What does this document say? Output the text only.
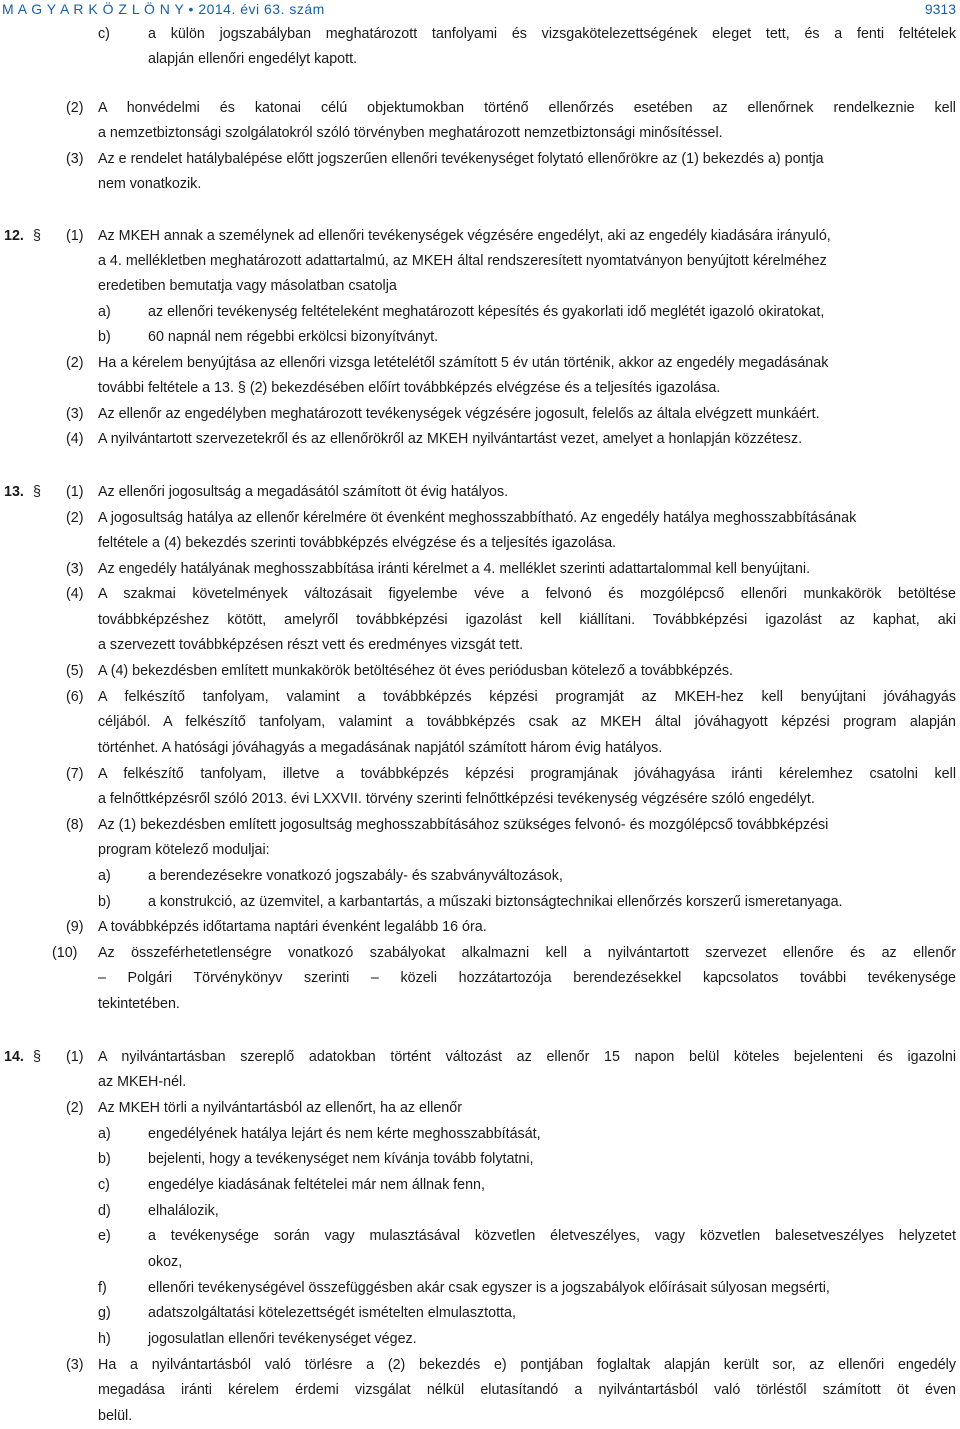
M A G Y A R K Ö Z L Ö N Y • 2014. évi 63. szám	9313
c)	a külön jogszabályban meghatározott tanfolyami és vizsgakötelezettségének eleget tett, és a fenti feltételek
alapján ellenőri engedélyt kapott.
(2) A honvédelmi és katonai célú objektumokban történő ellenőrzés esetében az ellenőrnek rendelkeznie kell
a nemzetbiztonsági szolgálatokról szóló törvényben meghatározott nemzetbiztonsági minősítéssel.
(3) Az e rendelet hatálybalépése előtt jogszerűen ellenőri tevékenységet folytató ellenőrökre az (1) bekezdés a) pontja
nem vonatkozik.
12. § (1) Az MKEH annak a személynek ad ellenőri tevékenységek végzésére engedélyt, aki az engedély kiadására irányuló,
a 4. mellékletben meghatározott adattartalmú, az MKEH által rendszeresített nyomtatványon benyújtott kérelméhez
eredetiben bemutatja vagy másolatban csatolja
a)	az ellenőri tevékenység feltételeként meghatározott képesítés és gyakorlati idő meglétét igazoló okiratokat,
b)	60 napnál nem régebbi erkölcsi bizonyítványt.
(2) Ha a kérelem benyújtása az ellenőri vizsga letételétől számított 5 év után történik, akkor az engedély megadásának
további feltétele a 13. § (2) bekezdésében előírt továbbképzés elvégzése és a teljesítés igazolása.
(3) Az ellenőr az engedélyben meghatározott tevékenységek végzésére jogosult, felelős az általa elvégzett munkáért.
(4) A nyilvántartott szervezetekről és az ellenőrökről az MKEH nyilvántartást vezet, amelyet a honlapján közzétesz.
13. § (1) Az ellenőri jogosultság a megadásától számított öt évig hatályos.
(2) A jogosultság hatálya az ellenőr kérelmére öt évenként meghosszabbítható. Az engedély hatálya meghosszabbításának
feltétele a (4) bekezdés szerinti továbbképzés elvégzése és a teljesítés igazolása.
(3) Az engedély hatályának meghosszabbítása iránti kérelmet a 4. melléklet szerinti adattartalommal kell benyújtani.
(4) A szakmai követelmények változásait figyelembe véve a felvonó és mozgólépcső ellenőri munkakörök betöltése
továbbképzéshez kötött, amelyről továbbképzési igazolást kell kiállítani. Továbbképzési igazolást az kaphat, aki
a szervezett továbbképzésen részt vett és eredményes vizsgát tett.
(5) A (4) bekezdésben említett munkakörök betöltéséhez öt éves periódusban kötelező a továbbképzés.
(6) A felkészítő tanfolyam, valamint a továbbképzés képzési programját az MKEH-hez kell benyújtani jóváhagyás
céljából. A felkészítő tanfolyam, valamint a továbbképzés csak az MKEH által jóváhagyott képzési program alapján
történhet. A hatósági jóváhagyás a megadásának napjától számított három évig hatályos.
(7) A felkészítő tanfolyam, illetve a továbbképzés képzési programjának jóváhagyása iránti kérelemhez csatolni kell
a felnőttképzésről szóló 2013. évi LXXVII. törvény szerinti felnőttképzési tevékenység végzésére szóló engedélyt.
(8) Az (1) bekezdésben említett jogosultság meghosszabbításához szükséges felvonó- és mozgólépcső továbbképzési
program kötelező moduljai:
a)	a berendezésekre vonatkozó jogszabály- és szabványváltozások,
b)	a konstrukció, az üzemvitel, a karbantartás, a műszaki biztonságtechnikai ellenőrzés korszerű ismeretanyaga.
(9) A továbbképzés időtartama naptári évenként legalább 16 óra.
(10) Az összeférhetetlenségre vonatkozó szabályokat alkalmazni kell a nyilvántartott szervezet ellenőre és az ellenőr
– Polgári Törvénykönyv szerinti – közeli hozzátartozója berendezésekkel kapcsolatos további tevékenysége
tekintetében.
14. § (1) A nyilvántartásban szereplő adatokban történt változást az ellenőr 15 napon belül köteles bejelenteni és igazolni
az MKEH-nél.
(2) Az MKEH törli a nyilvántartásból az ellenőrt, ha az ellenőr
a)	engedélyének hatálya lejárt és nem kérte meghosszabbítását,
b)	bejelenti, hogy a tevékenységet nem kívánja tovább folytatni,
c)	engedélye kiadásának feltételei már nem állnak fenn,
d)	elhalálozik,
e)	a tevékenysége során vagy mulasztásával közvetlen életveszélyes, vagy közvetlen balesetveszélyes helyzetet
okoz,
f)	ellenőri tevékenységével összefüggésben akár csak egyszer is a jogszabályok előírásait súlyosan megsérti,
g)	adatszolgáltatási kötelezettségét ismételten elmulasztotta,
h)	jogosulatlan ellenőri tevékenységet végez.
(3) Ha a nyilvántartásból való törlésre a (2) bekezdés e) pontjában foglaltak alapján került sor, az ellenőri engedély
megadása iránti kérelem érdemi vizsgálat nélkül elutasítandó a nyilvántartásból való törléstől számított öt éven
belül.
